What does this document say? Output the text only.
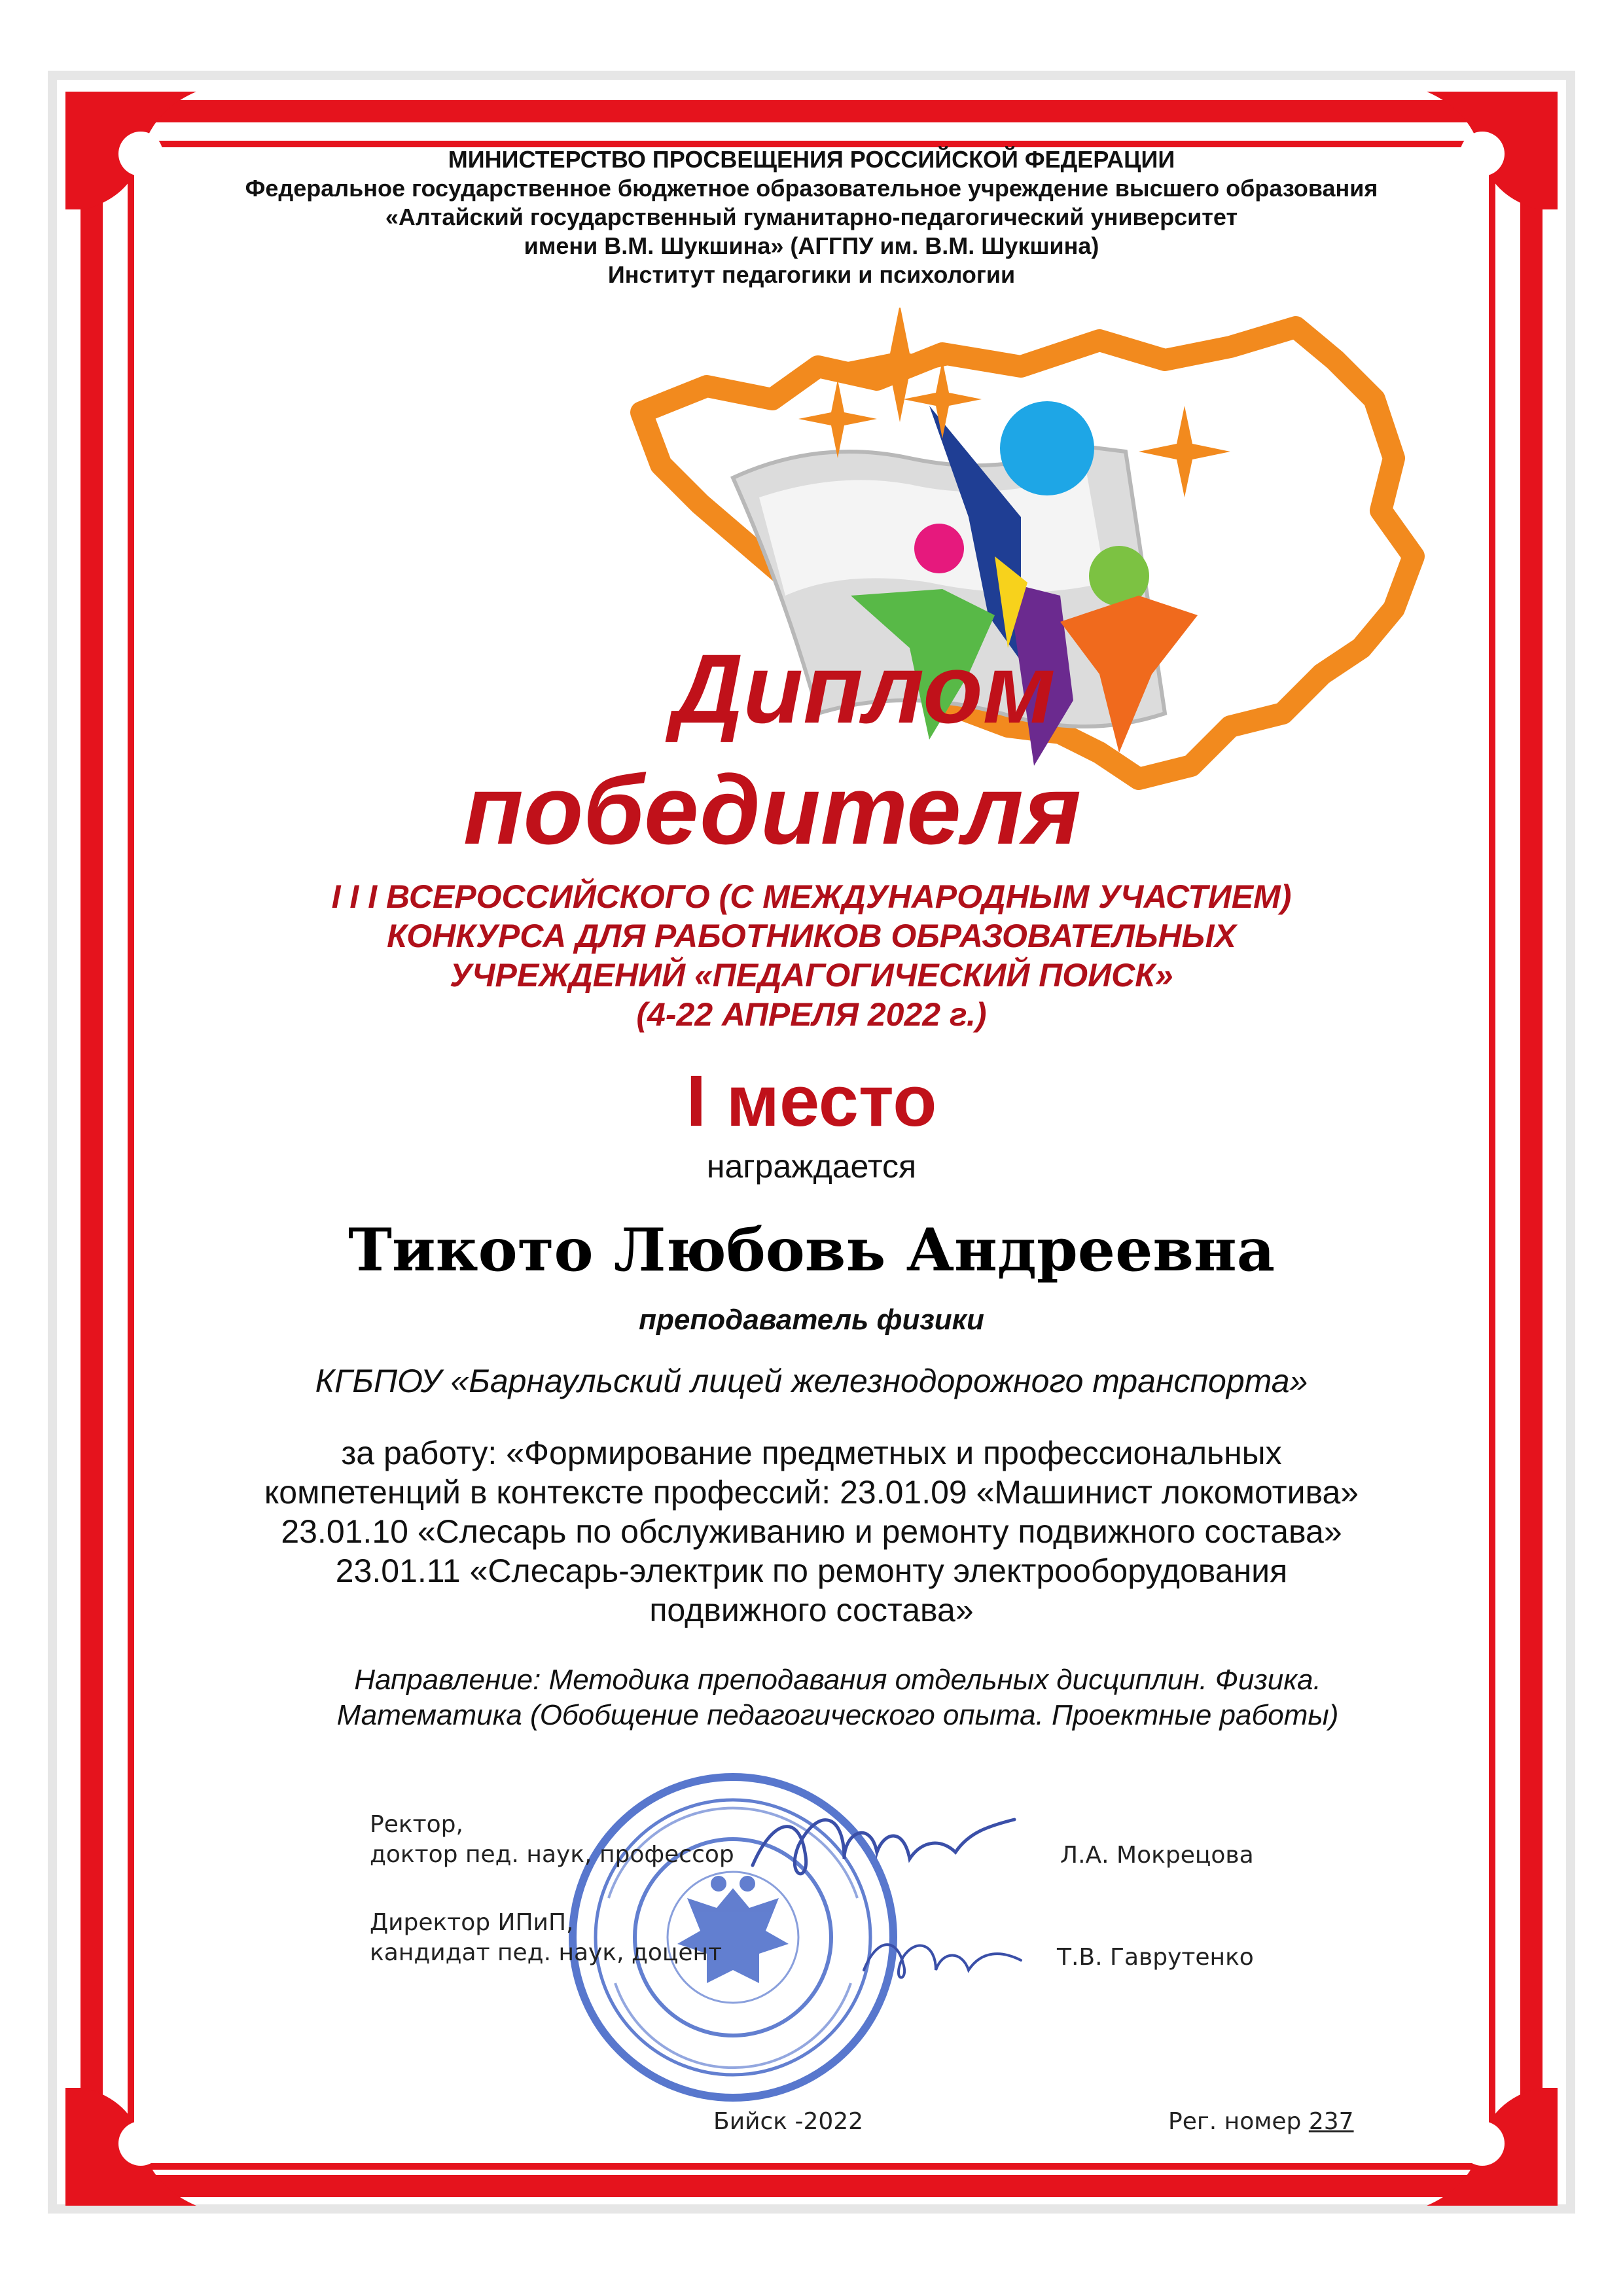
МИНИСТЕРСТВО ПРОСВЕЩЕНИЯ РОССИЙСКОЙ ФЕДЕРАЦИИ
Федеральное государственное бюджетное образовательное учреждение высшего образования
«Алтайский государственный гуманитарно-педагогический университет
имени В.М. Шукшина» (АГГПУ им. В.М. Шукшина)
Институт педагогики и психологии
Диплом
победителя
I I I ВСЕРОССИЙСКОГО (С МЕЖДУНАРОДНЫМ УЧАСТИЕМ)
КОНКУРСА ДЛЯ РАБОТНИКОВ ОБРАЗОВАТЕЛЬНЫХ
УЧРЕЖДЕНИЙ «ПЕДАГОГИЧЕСКИЙ ПОИСК»
(4-22 АПРЕЛЯ 2022 г.)
I место
награждается
Тикото Любовь Андреевна
преподаватель физики
КГБПОУ «Барнаульский лицей железнодорожного транспорта»
за работу: «Формирование предметных и профессиональных
компетенций в контексте профессий: 23.01.09 «Машинист локомотива»
23.01.10 «Слесарь по обслуживанию и ремонту подвижного состава»
23.01.11 «Слесарь-электрик по ремонту электрооборудования
подвижного состава»
Направление: Методика преподавания отдельных дисциплин. Физика.
Математика (Обобщение педагогического опыта. Проектные работы)
Ректор,
доктор пед. наук, профессор	Л.А. Мокрецова
Директор ИПиП,
кандидат пед. наук, доцент	Т.В. Гаврутенко
Бийск -2022	Рег. номер 237
